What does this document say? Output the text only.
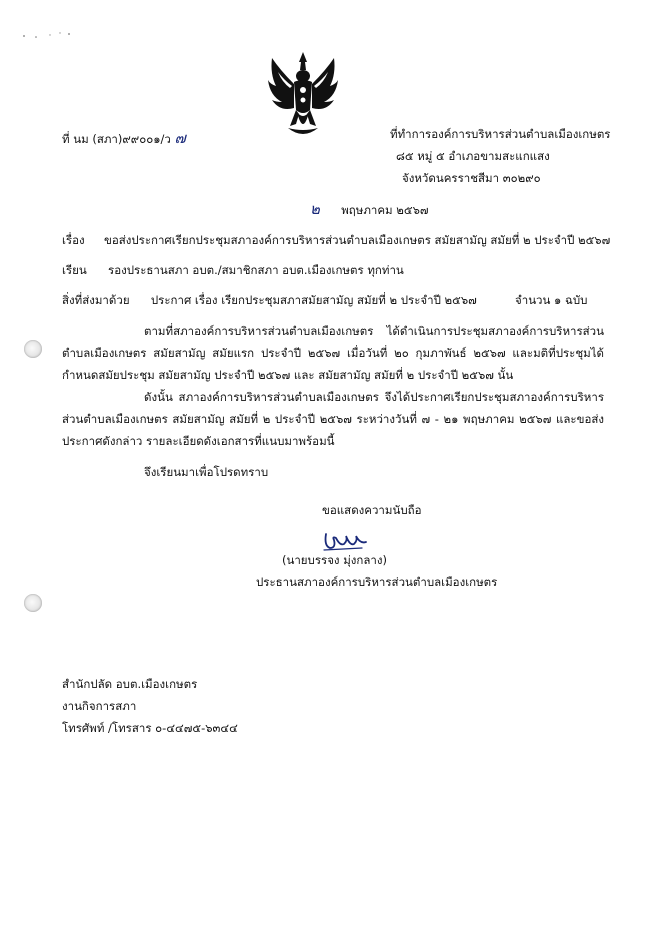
ที่ นม (สภา)๙๙๐๐๑/ว ๗	ที่ทำการองค์การบริหารส่วนตำบลเมืองเกษตร
๘๕ หมู่ ๕ อำเภอขามสะแกแสง
จังหวัดนครราชสีมา ๓๐๒๙๐
๒ พฤษภาคม ๒๕๖๗
เรื่อง ขอส่งประกาศเรียกประชุมสภาองค์การบริหารส่วนตำบลเมืองเกษตร สมัยสามัญ สมัยที่ ๒ ประจำปี ๒๕๖๗
เรียน รองประธานสภา อบต./สมาชิกสภา อบต.เมืองเกษตร ทุกท่าน
สิ่งที่ส่งมาด้วย ประกาศ เรื่อง เรียกประชุมสภาสมัยสามัญ สมัยที่ ๒ ประจำปี ๒๕๖๗	จำนวน ๑ ฉบับ
ตามที่สภาองค์การบริหารส่วนตำบลเมืองเกษตร ได้ดำเนินการประชุมสภาองค์การบริหารส่วนตำบลเมืองเกษตร สมัยสามัญ สมัยแรก ประจำปี ๒๕๖๗ เมื่อวันที่ ๒๐ กุมภาพันธ์ ๒๕๖๗ และมติที่ประชุมได้กำหนดสมัยประชุม สมัยสามัญ ประจำปี ๒๕๖๗ และ สมัยสามัญ สมัยที่ ๒ ประจำปี ๒๕๖๗ นั้น
ดังนั้น สภาองค์การบริหารส่วนตำบลเมืองเกษตร จึงได้ประกาศเรียกประชุมสภาองค์การบริหารส่วนตำบลเมืองเกษตร สมัยสามัญ สมัยที่ ๒ ประจำปี ๒๕๖๗ ระหว่างวันที่ ๗ - ๒๑ พฤษภาคม ๒๕๖๗ และขอส่งประกาศดังกล่าว รายละเอียดดังเอกสารที่แนบมาพร้อมนี้
จึงเรียนมาเพื่อโปรดทราบ
ขอแสดงความนับถือ
(นายบรรจง มุ่งกลาง)
ประธานสภาองค์การบริหารส่วนตำบลเมืองเกษตร
สำนักปลัด อบต.เมืองเกษตร
งานกิจการสภา
โทรศัพท์ /โทรสาร ๐-๔๔๗๕-๖๓๔๔
